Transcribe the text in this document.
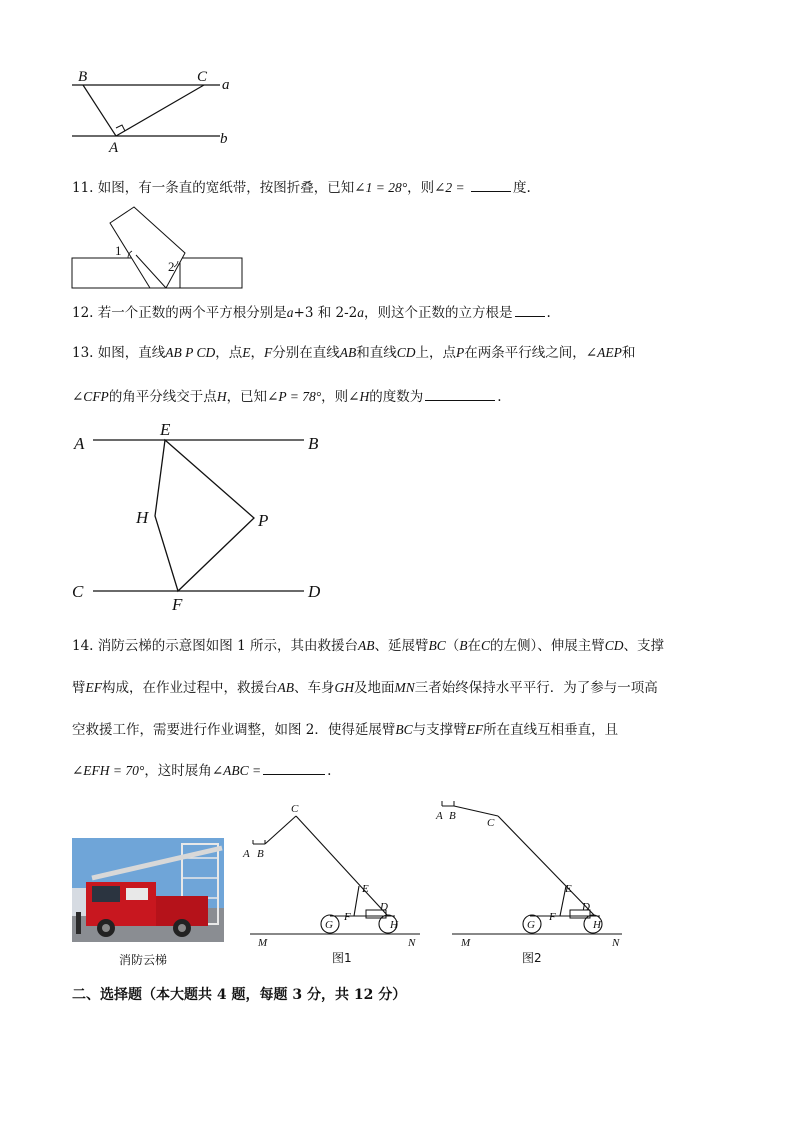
B	C a
A
b
11. 如图，有一条直的宽纸带，按图折叠，已知∠1 = 28°，则∠2 =	度.
1
2
12. 若一个正数的两个平方根分别是a+3 和 2-2a，则这个正数的立方根是	.
13. 如图，直线AB P CD，点E，F分别在直线AB和直线CD上，点P在两条平行线之间，∠AEP和
∠CFP的角平分线交于点H，已知∠P = 78°，则∠H的度数为	.
A
E
B
H	P
C
F
D
14. 消防云梯的示意图如图 1 所示，其由救援台AB、延展臂BC（B在C的左侧）、伸展主臂CD、支撑
臂EF构成，在作业过程中，救援台AB、车身GH及地面MN三者始终保持水平平行．为了参与一项高
空救援工作，需要进行作业调整，如图 2．使得延展臂BC与支撑臂EF所在直线互相垂直，且
∠EFH = 70°，这时展角∠ABC =	.
消防云梯
C
A B
E
D
F
G	H
M	N
图1
A B
C
E
D
F
G	H
M	N
图2
二、选择题（本大题共 4 题，每题 3 分，共 12 分）
